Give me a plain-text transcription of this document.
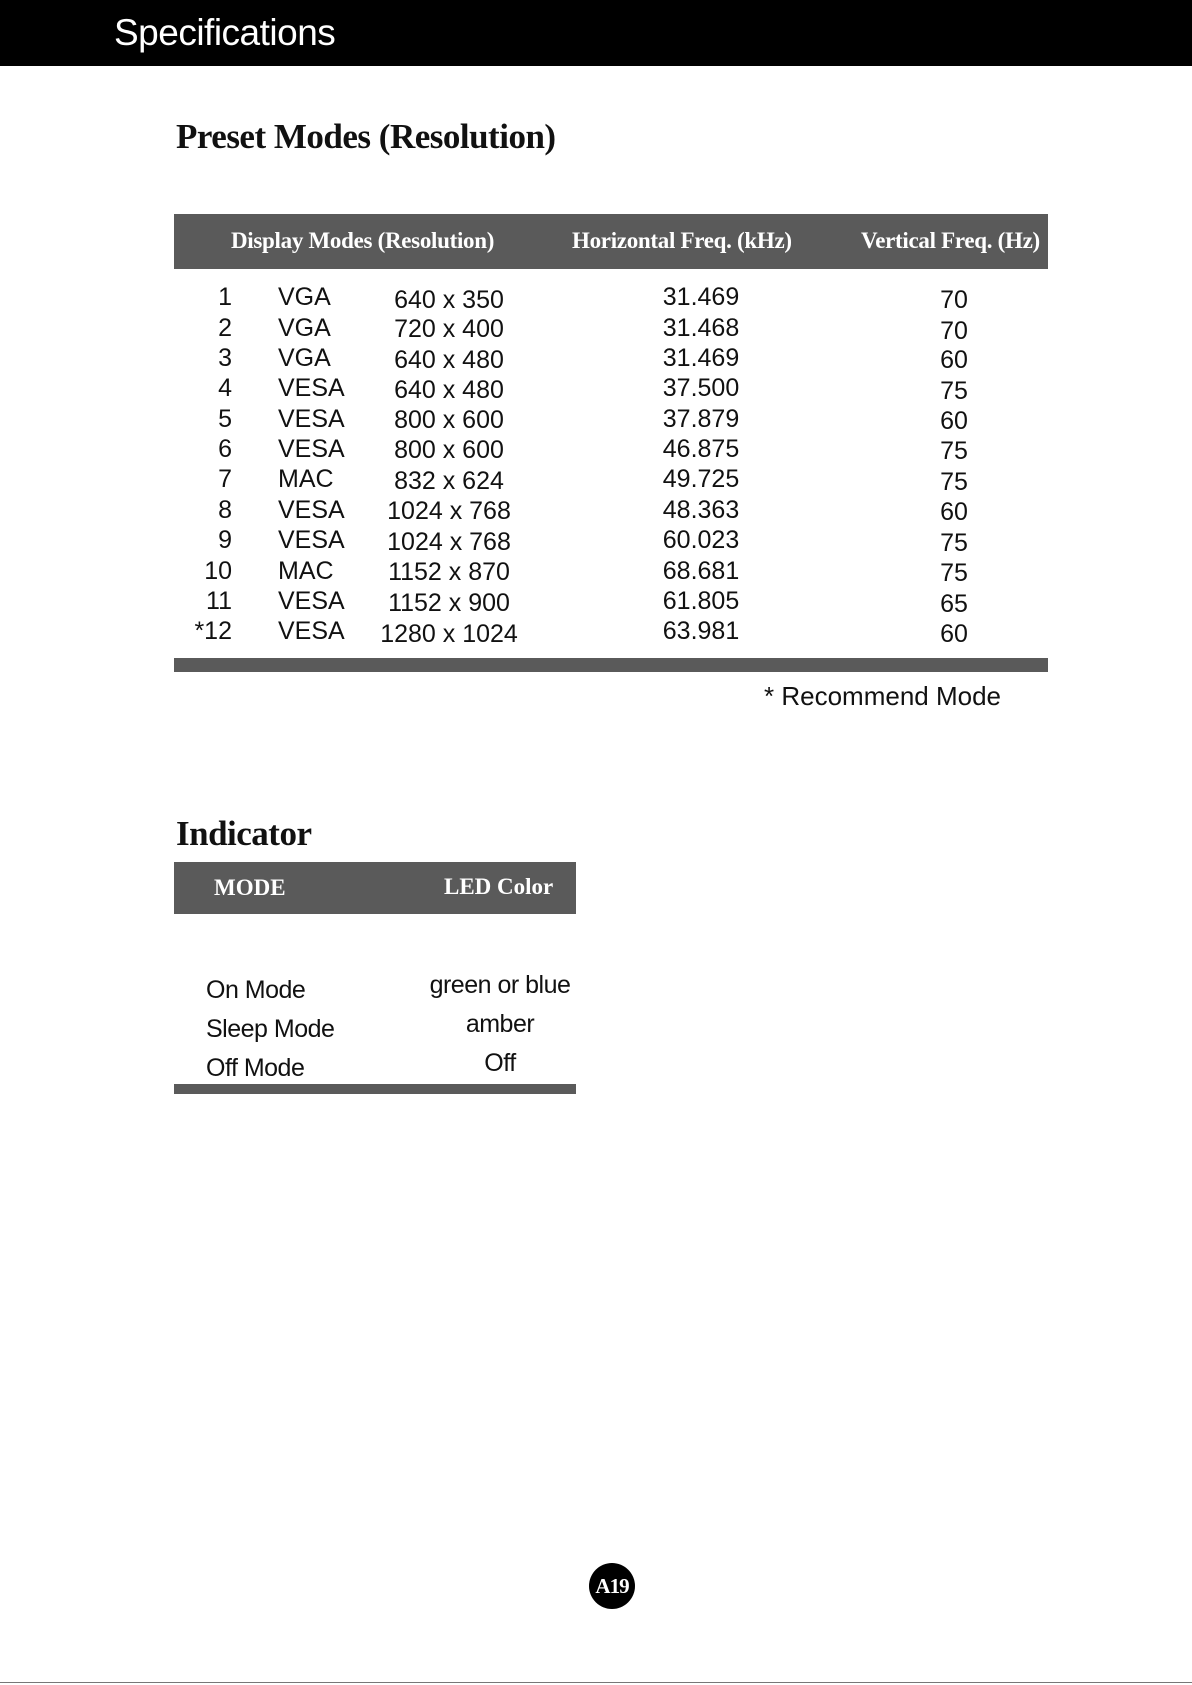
Specifications
Preset Modes (Resolution)
Display Modes (Resolution)	Horizontal Freq. (kHz)	Vertical Freq. (Hz)
1 VGA	640 x 350	31.469	70
2 VGA	720 x 400	31.468	70
3 VGA	640 x 480	31.469	60
4 VESA	640 x 480	37.500	75
5 VESA	800 x 600	37.879	60
6 VESA	800 x 600	46.875	75
7 MAC	832 x 624	49.725	75
8 VESA	1024 x 768	48.363	60
9 VESA	1024 x 768	60.023	75
10 MAC	1152 x 870	68.681	75
11 VESA	1152 x 900	61.805	65
*12 VESA	1280 x 1024	63.981	60
* Recommend Mode
Indicator
MODE	LED Color
On Mode	green or blue
Sleep Mode	amber
Off Mode	Off
A19
